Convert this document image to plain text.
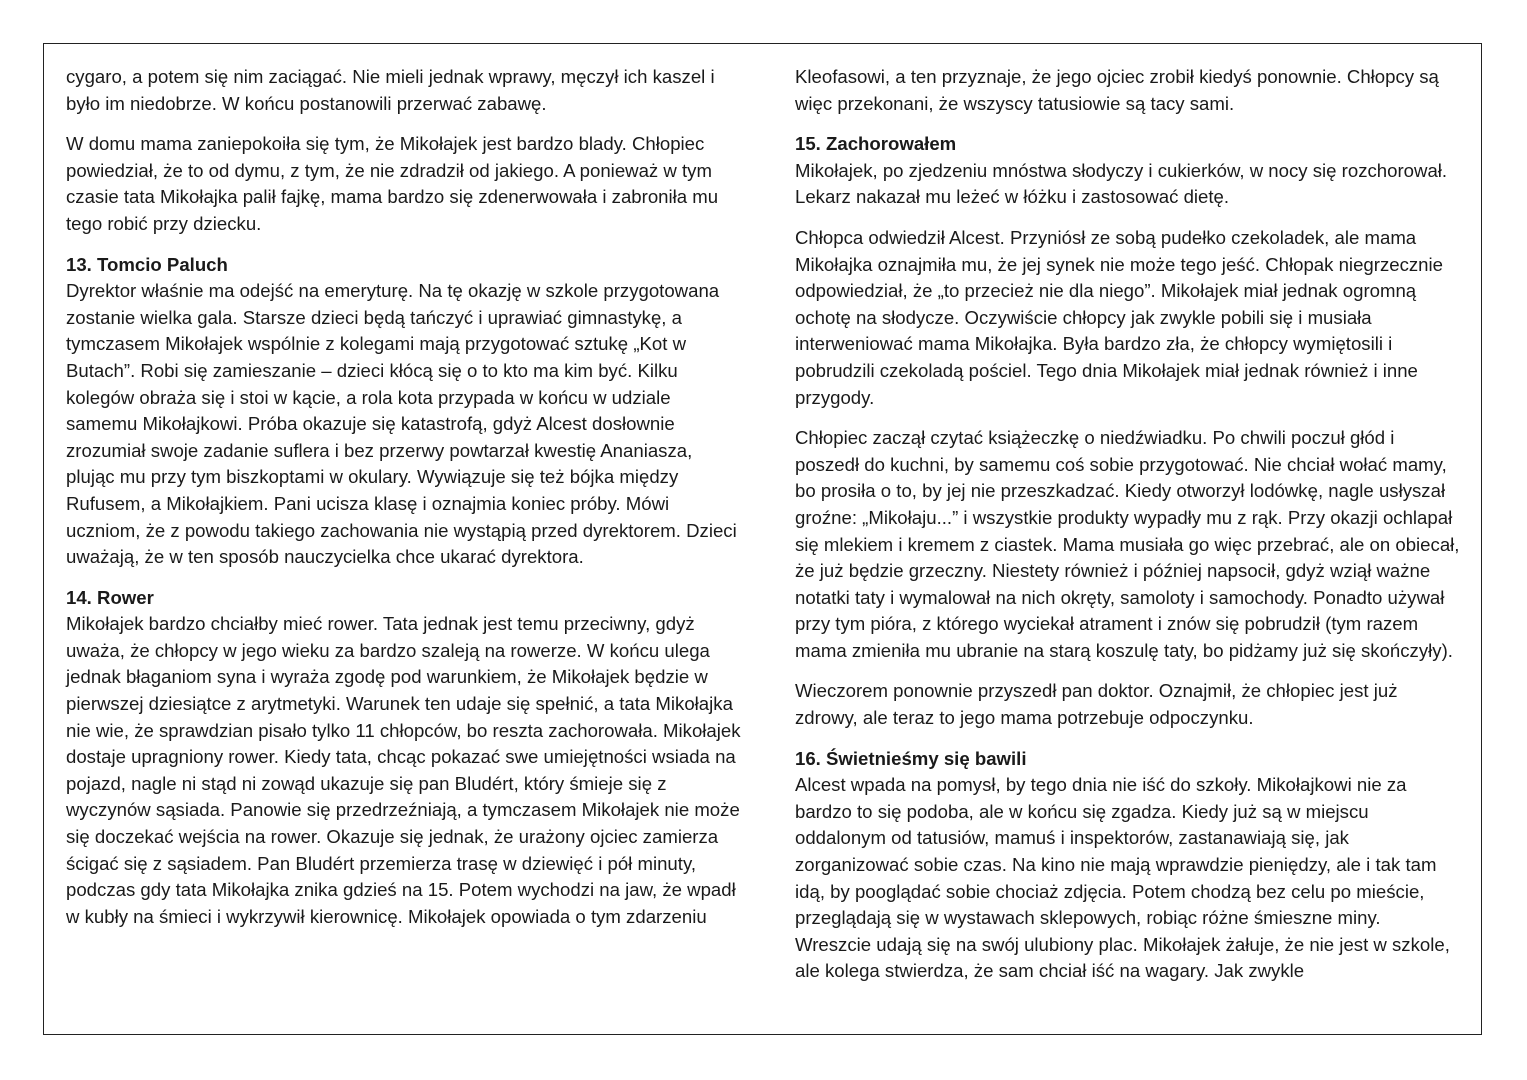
cygaro, a potem się nim zaciągać. Nie mieli jednak wprawy, męczył ich kaszel i było im niedobrze. W końcu postanowili przerwać zabawę.

W domu mama zaniepokoiła się tym, że Mikołajek jest bardzo blady. Chłopiec powiedział, że to od dymu, z tym, że nie zdradził od jakiego. A ponieważ w tym czasie tata Mikołajka palił fajkę, mama bardzo się zdenerwowała i zabroniła mu tego robić przy dziecku.

13. Tomcio Paluch

Dyrektor właśnie ma odejść na emeryturę. Na tę okazję w szkole przygotowana zostanie wielka gala. Starsze dzieci będą tańczyć i uprawiać gimnastykę, a tymczasem Mikołajek wspólnie z kolegami mają przygotować sztukę „Kot w Butach”. Robi się zamieszanie – dzieci kłócą się o to kto ma kim być. Kilku kolegów obraża się i stoi w kącie, a rola kota przypada w końcu w udziale samemu Mikołajkowi. Próba okazuje się katastrofą, gdyż Alcest dosłownie zrozumiał swoje zadanie suflera i bez przerwy powtarzał kwestię Ananiasza, plując mu przy tym biszkoptami w okulary. Wywiązuje się też bójka między Rufusem, a Mikołajkiem. Pani ucisza klasę i oznajmia koniec próby. Mówi uczniom, że z powodu takiego zachowania nie wystąpią przed dyrektorem. Dzieci uważają, że w ten sposób nauczycielka chce ukarać dyrektora.

14. Rower

Mikołajek bardzo chciałby mieć rower. Tata jednak jest temu przeciwny, gdyż uważa, że chłopcy w jego wieku za bardzo szaleją na rowerze. W końcu ulega jednak błaganiom syna i wyraża zgodę pod warunkiem, że Mikołajek będzie w pierwszej dziesiątce z arytmetyki. Warunek ten udaje się spełnić, a tata Mikołajka nie wie, że sprawdzian pisało tylko 11 chłopców, bo reszta zachorowała. Mikołajek dostaje upragniony rower. Kiedy tata, chcąc pokazać swe umiejętności wsiada na pojazd, nagle ni stąd ni zowąd ukazuje się pan Bludért, który śmieje się z wyczynów sąsiada. Panowie się przedrzeźniają, a tymczasem Mikołajek nie może się doczekać wejścia na rower. Okazuje się jednak, że urażony ojciec zamierza ścigać się z sąsiadem. Pan Bludért przemierza trasę w dziewięć i pół minuty, podczas gdy tata Mikołajka znika gdzieś na 15. Potem wychodzi na jaw, że wpadł w kubły na śmieci i wykrzywił kierownicę. Mikołajek opowiada o tym zdarzeniu

Kleofasowi, a ten przyznaje, że jego ojciec zrobił kiedyś ponownie. Chłopcy są więc przekonani, że wszyscy tatusiowie są tacy sami.

15. Zachorowałem

Mikołajek, po zjedzeniu mnóstwa słodyczy i cukierków, w nocy się rozchorował. Lekarz nakazał mu leżeć w łóżku i zastosować dietę.

Chłopca odwiedził Alcest. Przyniósł ze sobą pudełko czekoladek, ale mama Mikołajka oznajmiła mu, że jej synek nie może tego jeść. Chłopak niegrzecznie odpowiedział, że „to przecież nie dla niego”. Mikołajek miał jednak ogromną ochotę na słodycze. Oczywiście chłopcy jak zwykle pobili się i musiała interweniować mama Mikołajka. Była bardzo zła, że chłopcy wymiętosili i pobrudzili czekoladą pościel. Tego dnia Mikołajek miał jednak również i inne przygody.

Chłopiec zaczął czytać książeczkę o niedźwiadku. Po chwili poczuł głód i poszedł do kuchni, by samemu coś sobie przygotować. Nie chciał wołać mamy, bo prosiła o to, by jej nie przeszkadzać. Kiedy otworzył lodówkę, nagle usłyszał groźne: „Mikołaju...” i wszystkie produkty wypadły mu z rąk. Przy okazji ochlapał się mlekiem i kremem z ciastek. Mama musiała go więc przebrać, ale on obiecał, że już będzie grzeczny. Niestety również i później napsocił, gdyż wziął ważne notatki taty i wymalował na nich okręty, samoloty i samochody. Ponadto używał przy tym pióra, z którego wyciekał atrament i znów się pobrudził (tym razem mama zmieniła mu ubranie na starą koszulę taty, bo pidżamy już się skończyły).

Wieczorem ponownie przyszedł pan doktor. Oznajmił, że chłopiec jest już zdrowy, ale teraz to jego mama potrzebuje odpoczynku.

16. Świetnieśmy się bawili

Alcest wpada na pomysł, by tego dnia nie iść do szkoły. Mikołajkowi nie za bardzo to się podoba, ale w końcu się zgadza. Kiedy już są w miejscu oddalonym od tatusiów, mamuś i inspektorów, zastanawiają się, jak zorganizować sobie czas. Na kino nie mają wprawdzie pieniędzy, ale i tak tam idą, by pooglądać sobie chociaż zdjęcia. Potem chodzą bez celu po mieście, przeglądają się w wystawach sklepowych, robiąc różne śmieszne miny. Wreszcie udają się na swój ulubiony plac. Mikołajek żałuje, że nie jest w szkole, ale kolega stwierdza, że sam chciał iść na wagary. Jak zwykle
